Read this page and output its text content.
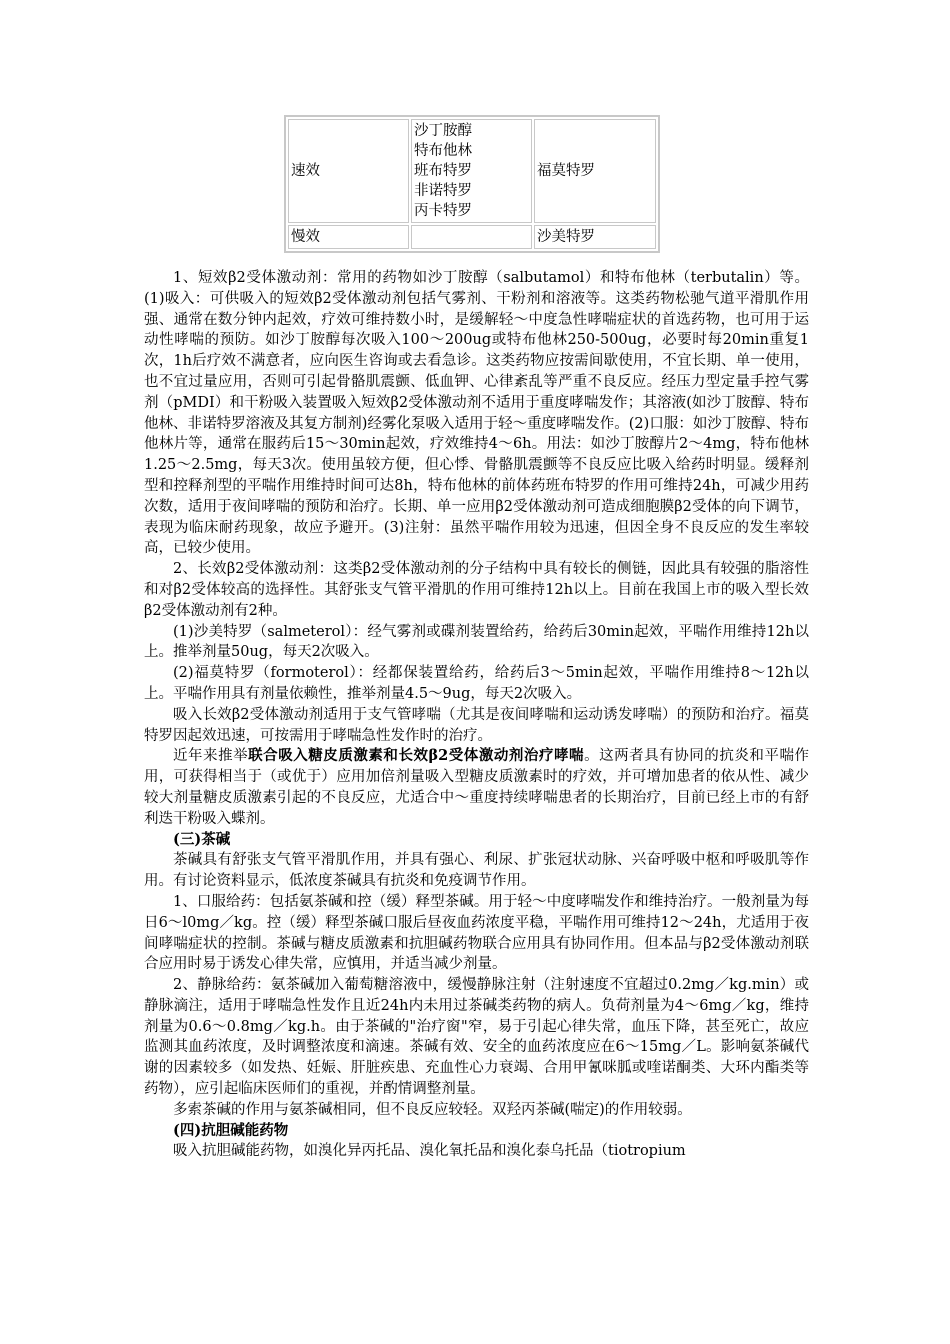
速效	沙丁胺醇
特布他林
班布特罗
非诺特罗
丙卡特罗	福莫特罗
慢效		沙美特罗

1、短效β2受体激动剂：常用的药物如沙丁胺醇（salbutamol）和特布他林（terbutalin）等。(1)吸入：可供吸入的短效β2受体激动剂包括气雾剂、干粉剂和溶液等。这类药物松驰气道平滑肌作用强、通常在数分钟内起效，疗效可维持数小时，是缓解轻～中度急性哮喘症状的首选药物，也可用于运动性哮喘的预防。如沙丁胺醇每次吸入100～200ug或特布他林250-500ug，必要时每20min重复1次，1h后疗效不满意者，应向医生咨询或去看急诊。这类药物应按需间歇使用，不宜长期、单一使用，也不宜过量应用，否则可引起骨骼肌震颤、低血钾、心律紊乱等严重不良反应。经压力型定量手控气雾剂（pMDI）和干粉吸入装置吸入短效β2受体激动剂不适用于重度哮喘发作；其溶液(如沙丁胺醇、特布他林、非诺特罗溶液及其复方制剂)经雾化泵吸入适用于轻～重度哮喘发作。(2)口服：如沙丁胺醇、特布他林片等，通常在服药后15～30min起效，疗效维持4～6h。用法：如沙丁胺醇片2～4mg，特布他林1.25～2.5mg，每天3次。使用虽较方便，但心悸、骨骼肌震颤等不良反应比吸入给药时明显。缓释剂型和控释剂型的平喘作用维持时间可达8h，特布他林的前体药班布特罗的作用可维持24h，可减少用药次数，适用于夜间哮喘的预防和治疗。长期、单一应用β2受体激动剂可造成细胞膜β2受体的向下调节，表现为临床耐药现象，故应予避开。(3)注射：虽然平喘作用较为迅速，但因全身不良反应的发生率较高，已较少使用。

2、长效β2受体激动剂：这类β2受体激动剂的分子结构中具有较长的侧链，因此具有较强的脂溶性和对β2受体较高的选择性。其舒张支气管平滑肌的作用可维持12h以上。目前在我国上市的吸入型长效β2受体激动剂有2种。

(1)沙美特罗（salmeterol）：经气雾剂或碟剂装置给药，给药后30min起效，平喘作用维持12h以上。推举剂量50ug，每天2次吸入。

(2)福莫特罗（formoterol）：经都保装置给药，给药后3～5min起效，平喘作用维持8～12h以上。平喘作用具有剂量依赖性，推举剂量4.5～9ug，每天2次吸入。

吸入长效β2受体激动剂适用于支气管哮喘（尤其是夜间哮喘和运动诱发哮喘）的预防和治疗。福莫特罗因起效迅速，可按需用于哮喘急性发作时的治疗。

近年来推举联合吸入糖皮质激素和长效β2受体激动剂治疗哮喘。这两者具有协同的抗炎和平喘作用，可获得相当于（或优于）应用加倍剂量吸入型糖皮质激素时的疗效，并可增加患者的依从性、减少较大剂量糖皮质激素引起的不良反应，尤适合中～重度持续哮喘患者的长期治疗，目前已经上市的有舒利迭干粉吸入蝶剂。

(三)茶碱

茶碱具有舒张支气管平滑肌作用，并具有强心、利尿、扩张冠状动脉、兴奋呼吸中枢和呼吸肌等作用。有讨论资料显示，低浓度茶碱具有抗炎和免疫调节作用。

1、口服给药：包括氨茶碱和控（缓）释型茶碱。用于轻～中度哮喘发作和维持治疗。一般剂量为每日6～l0mg／kg。控（缓）释型茶碱口服后昼夜血药浓度平稳，平喘作用可维持12～24h，尤适用于夜间哮喘症状的控制。茶碱与糖皮质激素和抗胆碱药物联合应用具有协同作用。但本品与β2受体激动剂联合应用时易于诱发心律失常，应慎用，并适当减少剂量。

2、静脉给药：氨茶碱加入葡萄糖溶液中，缓慢静脉注射（注射速度不宜超过0.2mg／kg.min）或静脉滴注，适用于哮喘急性发作且近24h内未用过茶碱类药物的病人。负荷剂量为4～6mg／kg，维持剂量为0.6～0.8mg／kg.h。由于茶碱的"治疗窗"窄，易于引起心律失常，血压下降，甚至死亡，故应监测其血药浓度，及时调整浓度和滴速。茶碱有效、安全的血药浓度应在6～15mg／L。影响氨茶碱代谢的因素较多（如发热、妊娠、肝脏疾患、充血性心力衰竭、合用甲氰咪胍或喹诺酮类、大环内酯类等药物），应引起临床医师们的重视，并酌情调整剂量。

多索茶碱的作用与氨茶碱相同，但不良反应较轻。双羟丙茶碱(喘定)的作用较弱。

(四)抗胆碱能药物

吸入抗胆碱能药物，如溴化异丙托品、溴化氧托品和溴化泰乌托品（tiotropium
